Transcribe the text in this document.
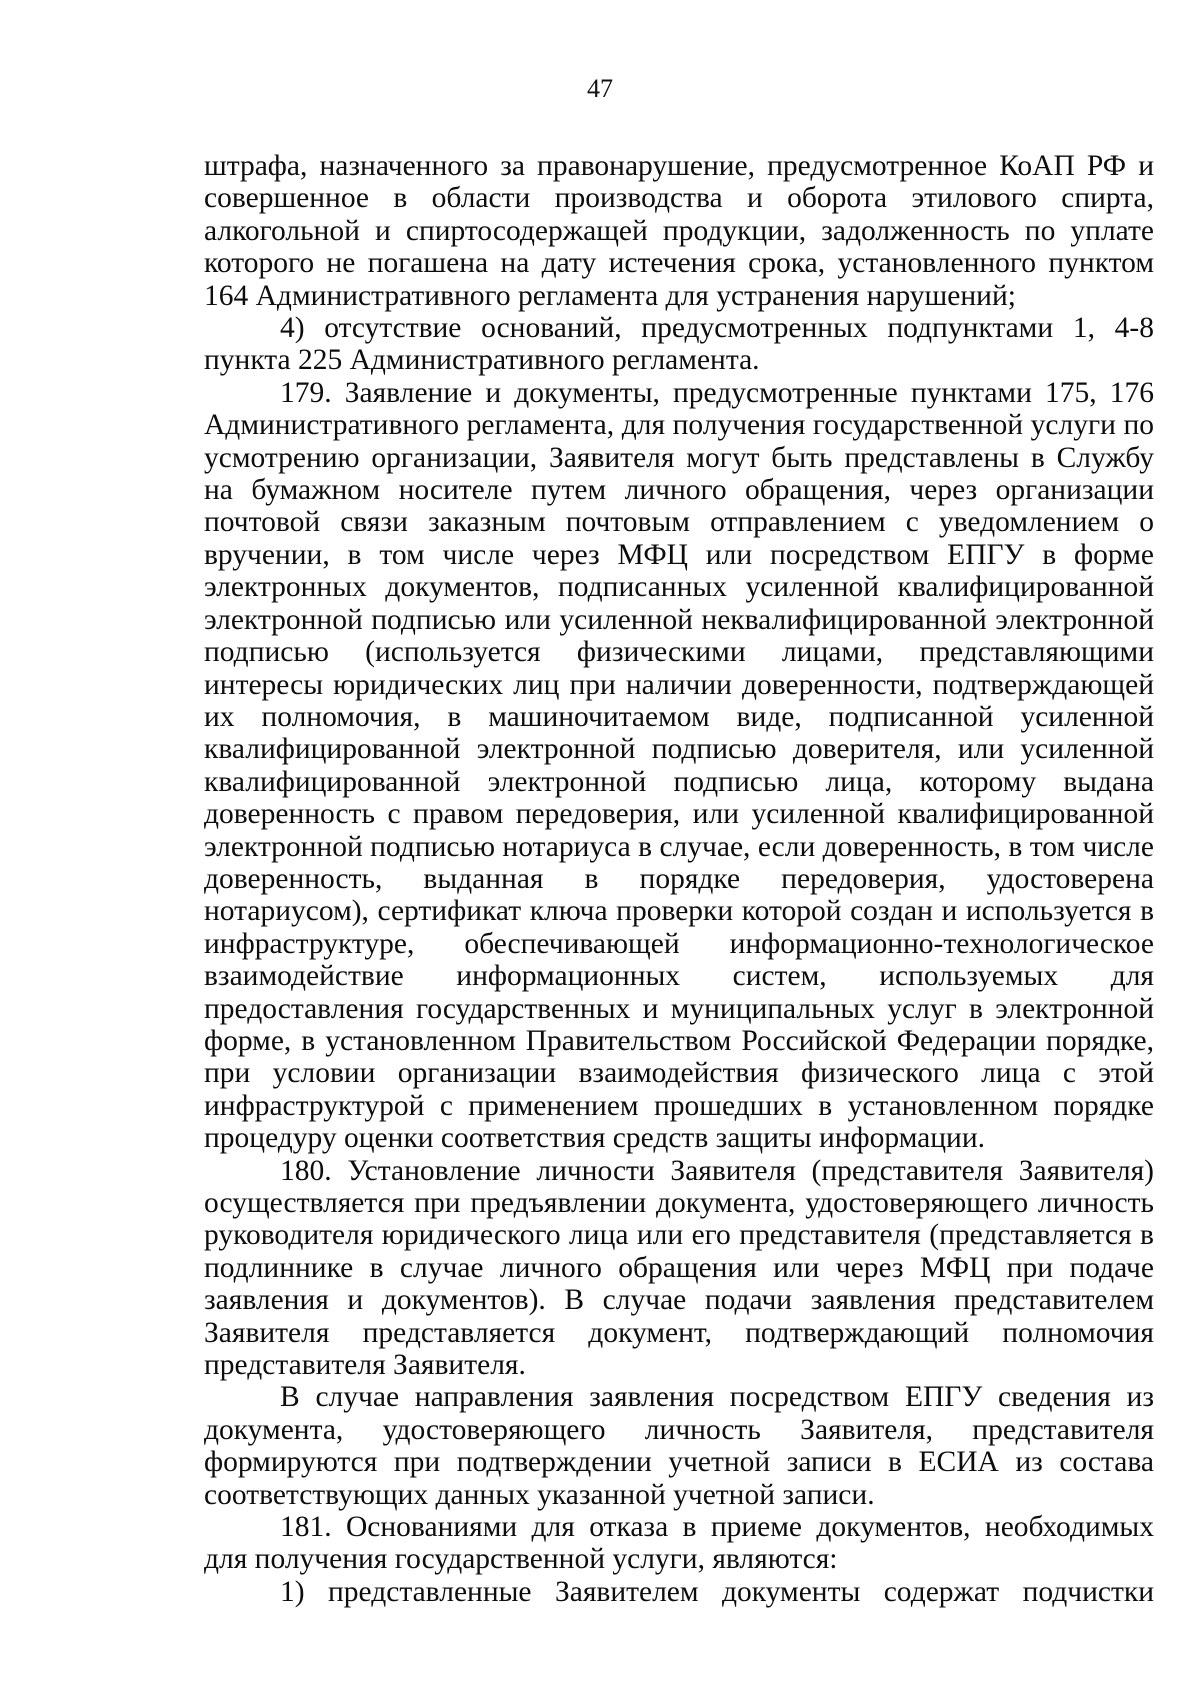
47

штрафа, назначенного за правонарушение, предусмотренное КоАП РФ и совершенное в области производства и оборота этилового спирта, алкогольной и спиртосодержащей продукции, задолженность по уплате которого не погашена на дату истечения срока, установленного пунктом 164 Административного регламента для устранения нарушений;

4) отсутствие оснований, предусмотренных подпунктами 1, 4-8 пункта 225 Административного регламента.

179. Заявление и документы, предусмотренные пунктами 175, 176 Административного регламента, для получения государственной услуги по усмотрению организации, Заявителя могут быть представлены в Службу на бумажном носителе путем личного обращения, через организации почтовой связи заказным почтовым отправлением с уведомлением о вручении, в том числе через МФЦ или посредством ЕПГУ в форме электронных документов, подписанных усиленной квалифицированной электронной подписью или усиленной неквалифицированной электронной подписью (используется физическими лицами, представляющими интересы юридических лиц при наличии доверенности, подтверждающей их полномочия, в машиночитаемом виде, подписанной усиленной квалифицированной электронной подписью доверителя, или усиленной квалифицированной электронной подписью лица, которому выдана доверенность с правом передоверия, или усиленной квалифицированной электронной подписью нотариуса в случае, если доверенность, в том числе доверенность, выданная в порядке передоверия, удостоверена нотариусом), сертификат ключа проверки которой создан и используется в инфраструктуре, обеспечивающей информационно-технологическое взаимодействие информационных систем, используемых для предоставления государственных и муниципальных услуг в электронной форме, в установленном Правительством Российской Федерации порядке, при условии организации взаимодействия физического лица с этой инфраструктурой с применением прошедших в установленном порядке процедуру оценки соответствия средств защиты информации.

180. Установление личности Заявителя (представителя Заявителя) осуществляется при предъявлении документа, удостоверяющего личность руководителя юридического лица или его представителя (представляется в подлиннике в случае личного обращения или через МФЦ при подаче заявления и документов). В случае подачи заявления представителем Заявителя представляется документ, подтверждающий полномочия представителя Заявителя.

В случае направления заявления посредством ЕПГУ сведения из документа, удостоверяющего личность Заявителя, представителя формируются при подтверждении учетной записи в ЕСИА из состава соответствующих данных указанной учетной записи.

181. Основаниями для отказа в приеме документов, необходимых для получения государственной услуги, являются:

1) представленные Заявителем документы содержат подчистки
